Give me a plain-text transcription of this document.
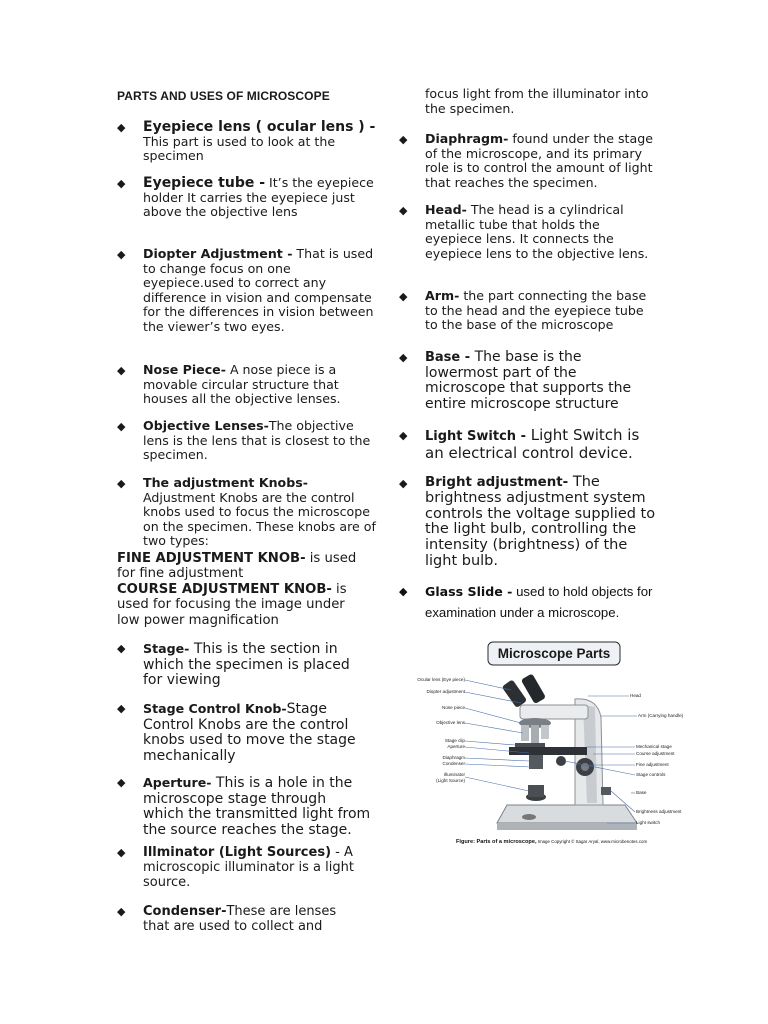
PARTS AND USES OF MICROSCOPE
◆ Eyepiece lens ( ocular lens ) - This part is used to look at the specimen
◆ Eyepiece tube - It’s the eyepiece holder It carries the eyepiece just above the objective lens
◆ Diopter Adjustment - That is used to change focus on one eyepiece.used to correct any difference in vision and compensate for the differences in vision between the viewer’s two eyes.
◆ Nose Piece- A nose piece is a movable circular structure that houses all the objective lenses.
◆ Objective Lenses-The objective lens is the lens that is closest to the specimen.
◆ The adjustment Knobs- Adjustment Knobs are the control knobs used to focus the microscope on the specimen. These knobs are of two types:
FINE ADJUSTMENT KNOB- is used for fine adjustment
COURSE ADJUSTMENT KNOB- is used for focusing the image under low power magnification
◆ Stage- This is the section in which the specimen is placed for viewing
◆ Stage Control Knob-Stage Control Knobs are the control knobs used to move the stage mechanically
◆ Aperture- This is a hole in the microscope stage through which the transmitted light from the source reaches the stage.
◆ Illminator (Light Sources) - A microscopic illuminator is a light source.
◆ Condenser-These are lenses that are used to collect and
focus light from the illuminator into the specimen.
◆ Diaphragm- found under the stage of the microscope, and its primary role is to control the amount of light that reaches the specimen.
◆ Head- The head is a cylindrical metallic tube that holds the eyepiece lens. It connects the eyepiece lens to the objective lens.
◆ Arm- the part connecting the base to the head and the eyepiece tube to the base of the microscope
◆ Base - The base is the lowermost part of the microscope that supports the entire microscope structure
◆ Light Switch - Light Switch is an electrical control device.
◆ Bright adjustment- The brightness adjustment system controls the voltage supplied to the light bulb, controlling the intensity (brightness) of the light bulb.
◆ Glass Slide - used to hold objects for examination under a microscope.
Microscope Parts
Ocular lens (Eye piece)
Diopter adjustment
Nose piece
Objective lens
Stage clip
Aperture
Diaphragm
Condenser
Illuminator
(Light Source)
Head
Arm (Carrying handle)
Mechanical stage
Course adjustment
Fine adjustment
Stage controls
Base
Brightness adjustment
Light switch
Figure: Parts of a microscope, Image Copyright © Sagar Aryal, www.microbenotes.com
